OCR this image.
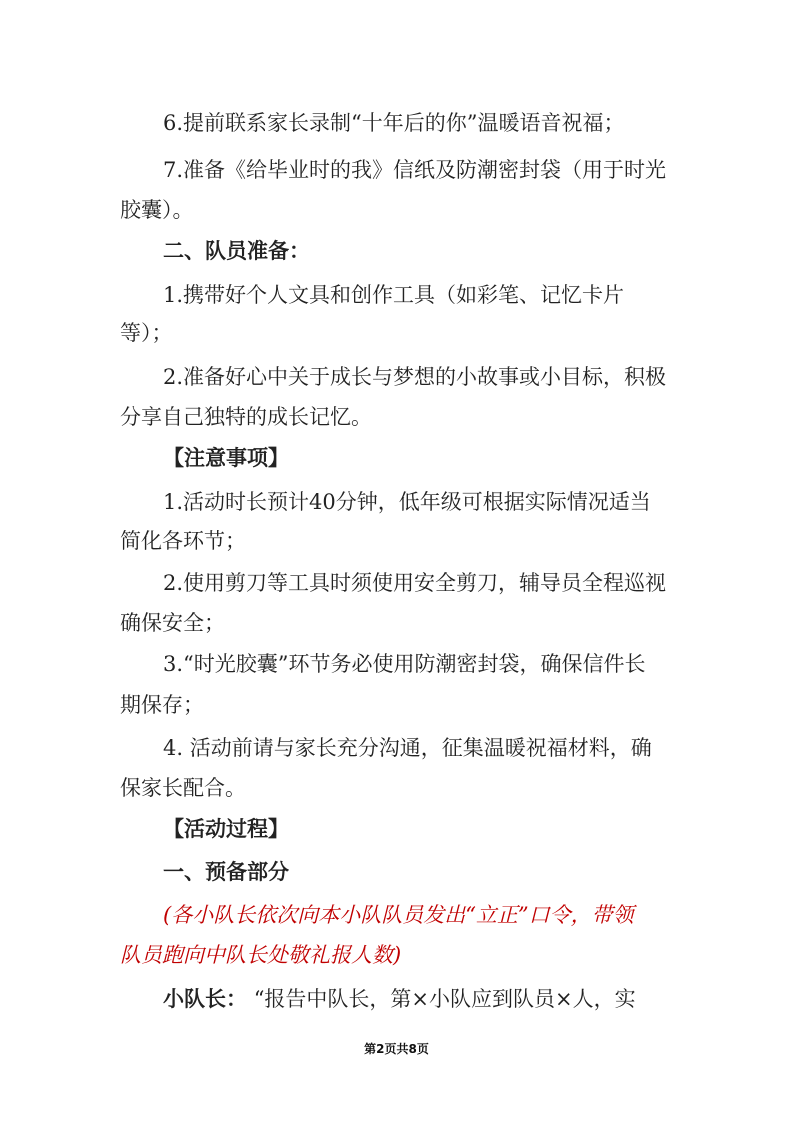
6.提前联系家长录制“十年后的你”温暖语音祝福；
7.准备《给毕业时的我》信纸及防潮密封袋（用于时光
胶囊）。
二、队员准备：
1.携带好个人文具和创作工具（如彩笔、记忆卡片
等）；
2.准备好心中关于成长与梦想的小故事或小目标，积极
分享自己独特的成长记忆。
【注意事项】
1.活动时长预计40分钟，低年级可根据实际情况适当
简化各环节；
2.使用剪刀等工具时须使用安全剪刀，辅导员全程巡视
确保安全；
3.“时光胶囊”环节务必使用防潮密封袋，确保信件长
期保存；
4. 活动前请与家长充分沟通，征集温暖祝福材料，确
保家长配合。
【活动过程】
一、预备部分
(各小队长依次向本小队队员发出“立正”口令，带领
队员跑向中队长处敬礼报人数)
小队长： “报告中队长，第×小队应到队员×人，实
第2页共8页
